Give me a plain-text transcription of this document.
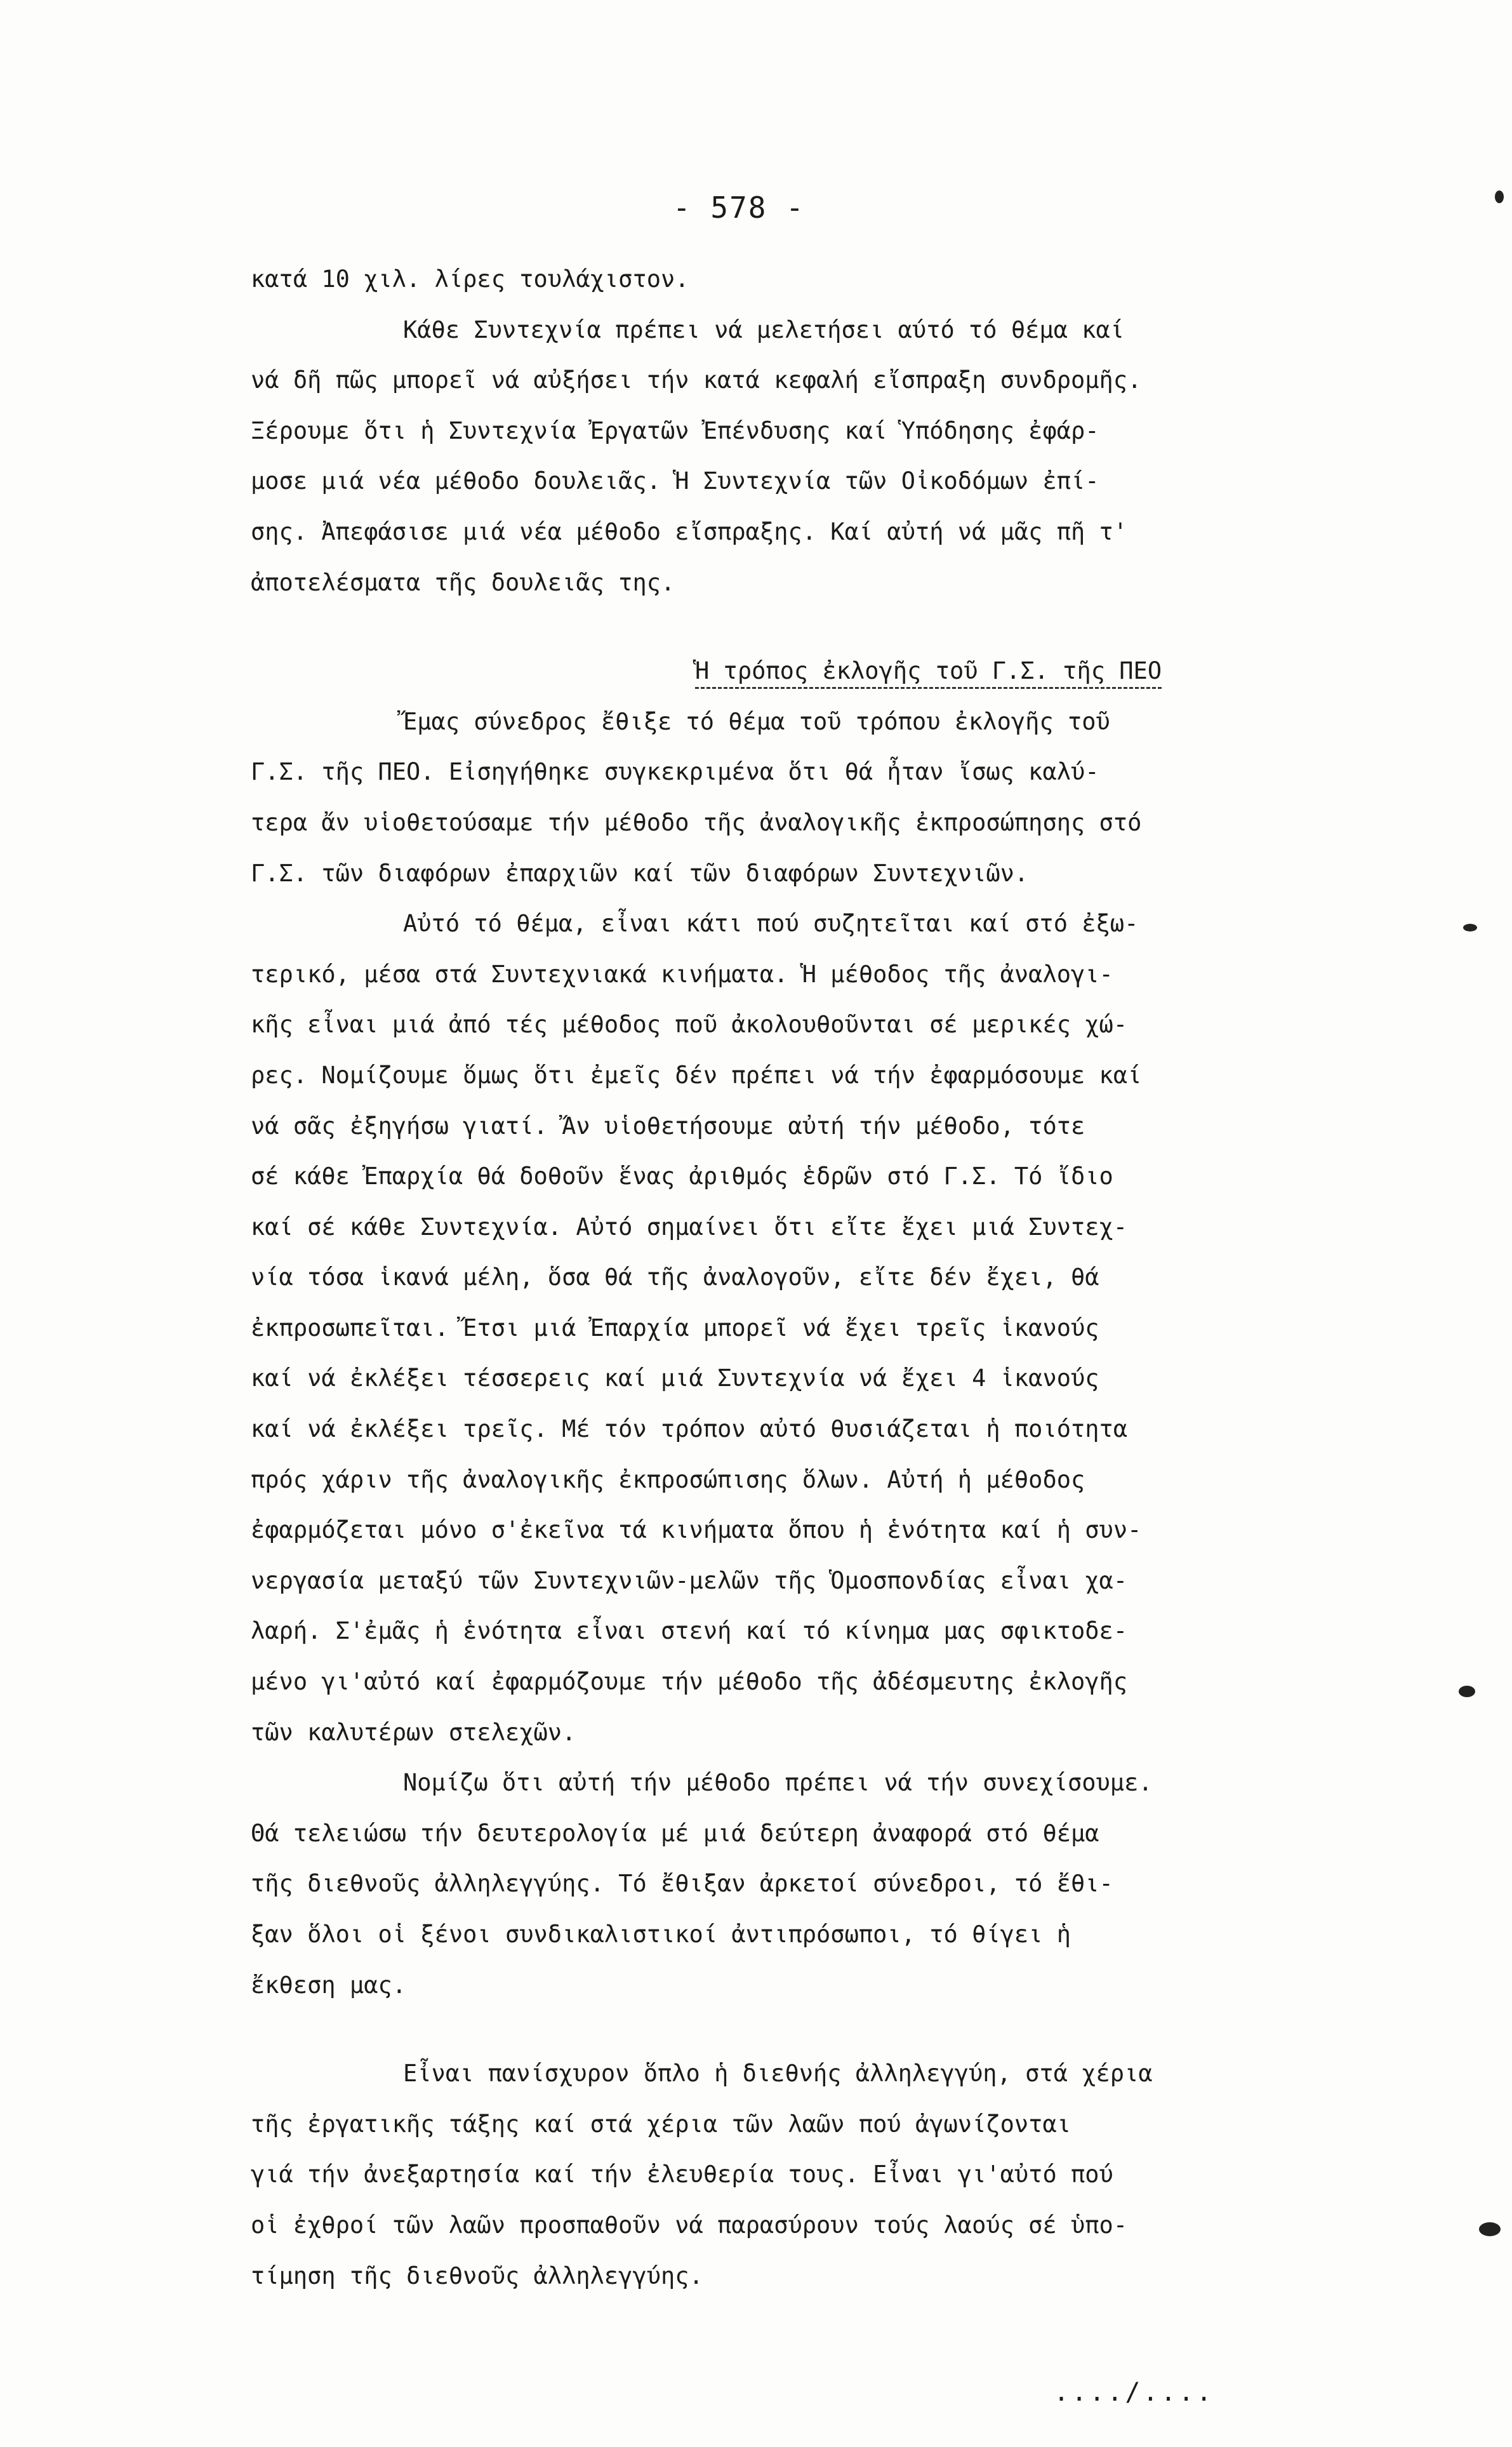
- 578 -
κατά 10 χιλ. λίρες τουλάχιστον.
Κάθε Συντεχνία πρέπει νά μελετήσει αύτό τό θέμα καί
νά δῆ πῶς μπορεῖ νά αὐξήσει τήν κατά κεφαλή εἴσπραξη συνδρομῆς.
Ξέρουμε ὅτι ἡ Συντεχνία Ἐργατῶν Ἐπένδυσης καί Ὑπόδησης ἐφάρ-
μοσε μιά νέα μέθοδο δουλειᾶς. Ἡ Συντεχνία τῶν Οἰκοδόμων ἐπί-
σης. Ἀπεφάσισε μιά νέα μέθοδο εἴσπραξης. Καί αὐτή νά μᾶς πῆ τ'
ἀποτελέσματα τῆς δουλειᾶς της.
Ἡ τρόπος ἐκλογῆς τοῦ Γ.Σ. τῆς ΠΕΟ
Ἔμας σύνεδρος ἔθιξε τό θέμα τοῦ τρόπου ἐκλογῆς τοῦ
Γ.Σ. τῆς ΠΕΟ. Εἰσηγήθηκε συγκεκριμένα ὅτι θά ἦταν ἴσως καλύ-
τερα ἄν υἱοθετούσαμε τήν μέθοδο τῆς ἀναλογικῆς ἐκπροσώπησης στό
Γ.Σ. τῶν διαφόρων ἐπαρχιῶν καί τῶν διαφόρων Συντεχνιῶν.
Αὐτό τό θέμα, εἶναι κάτι πού συζητεῖται καί στό ἐξω-
τερικό, μέσα στά Συντεχνιακά κινήματα. Ἡ μέθοδος τῆς ἀναλογι-
κῆς εἶναι μιά ἀπό τές μέθοδος ποῦ ἀκολουθοῦνται σέ μερικές χώ-
ρες. Νομίζουμε ὅμως ὅτι ἐμεῖς δέν πρέπει νά τήν ἐφαρμόσουμε καί
νά σᾶς ἐξηγήσω γιατί. Ἄν υἱοθετήσουμε αὐτή τήν μέθοδο, τότε
σέ κάθε Ἐπαρχία θά δοθοῦν ἕνας ἀριθμός ἑδρῶν στό Γ.Σ. Τό ἴδιο
καί σέ κάθε Συντεχνία. Αὐτό σημαίνει ὅτι εἴτε ἔχει μιά Συντεχ-
νία τόσα ἱκανά μέλη, ὅσα θά τῆς ἀναλογοῦν, εἴτε δέν ἔχει, θά
ἐκπροσωπεῖται. Ἔτσι μιά Ἐπαρχία μπορεῖ νά ἔχει τρεῖς ἱκανούς
καί νά ἐκλέξει τέσσερεις καί μιά Συντεχνία νά ἔχει 4 ἱκανούς
καί νά ἐκλέξει τρεῖς. Μέ τόν τρόπον αὐτό θυσιάζεται ἡ ποιότητα
πρός χάριν τῆς ἀναλογικῆς ἐκπροσώπισης ὅλων. Αὐτή ἡ μέθοδος
ἐφαρμόζεται μόνο σ'ἐκεῖνα τά κινήματα ὅπου ἡ ἑνότητα καί ἡ συν-
νεργασία μεταξύ τῶν Συντεχνιῶν-μελῶν τῆς Ὁμοσπονδίας εἶναι χα-
λαρή. Σ'ἐμᾶς ἡ ἑνότητα εἶναι στενή καί τό κίνημα μας σφικτοδε-
μένο γι'αὐτό καί ἐφαρμόζουμε τήν μέθοδο τῆς ἀδέσμευτης ἐκλογῆς
τῶν καλυτέρων στελεχῶν.
Νομίζω ὅτι αὐτή τήν μέθοδο πρέπει νά τήν συνεχίσουμε.
Θά τελειώσω τήν δευτερολογία μέ μιά δεύτερη ἀναφορά στό θέμα
τῆς διεθνοῦς ἀλληλεγγύης. Τό ἔθιξαν ἀρκετοί σύνεδροι, τό ἔθι-
ξαν ὅλοι οἱ ξένοι συνδικαλιστικοί ἀντιπρόσωποι, τό θίγει ἡ
ἔκθεση μας.
Εἶναι πανίσχυρον ὅπλο ἡ διεθνής ἀλληλεγγύη, στά χέρια
τῆς ἐργατικῆς τάξης καί στά χέρια τῶν λαῶν πού ἀγωνίζονται
γιά τήν ἀνεξαρτησία καί τήν ἐλευθερία τους. Εἶναι γι'αὐτό πού
οἱ ἐχθροί τῶν λαῶν προσπαθοῦν νά παρασύρουν τούς λαούς σέ ὑπο-
τίμηση τῆς διεθνοῦς ἀλληλεγγύης.
..../....
